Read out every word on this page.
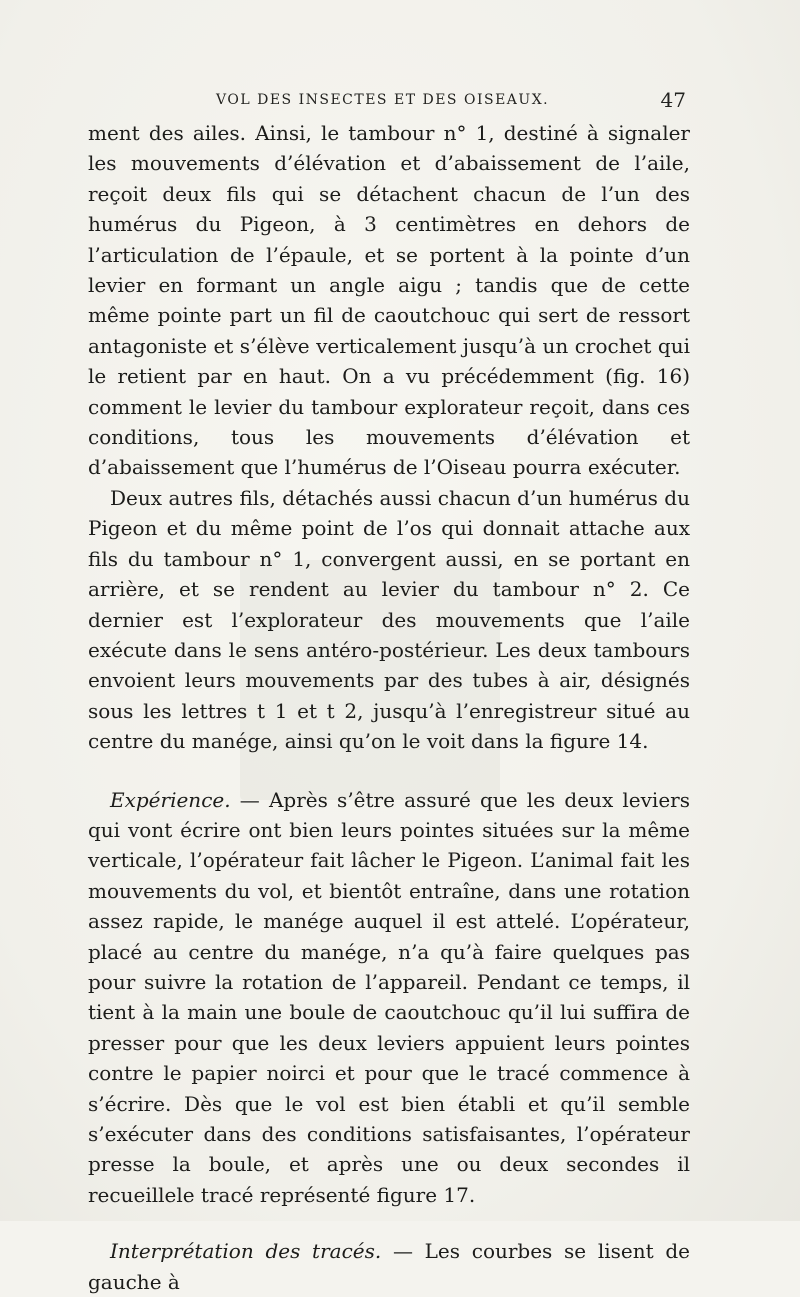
VOL DES INSECTES ET DES OISEAUX.	47

ment des ailes. Ainsi, le tambour n° 1, destiné à signaler les mouvements d’élévation et d’abaissement de l’aile, reçoit deux fils qui se détachent chacun de l’un des humérus du Pigeon, à 3 centimètres en dehors de l’articulation de l’épaule, et se portent à la pointe d’un levier en formant un angle aigu ; tandis que de cette même pointe part un fil de caoutchouc qui sert de ressort antagoniste et s’élève verticalement jusqu’à un crochet qui le retient par en haut. On a vu précédemment (fig. 16) comment le levier du tambour explorateur reçoit, dans ces conditions, tous les mouvements d’élévation et d’abaissement que l’humérus de l’Oiseau pourra exécuter.

Deux autres fils, détachés aussi chacun d’un humérus du Pigeon et du même point de l’os qui donnait attache aux fils du tambour n° 1, convergent aussi, en se portant en arrière, et se rendent au levier du tambour n° 2. Ce dernier est l’explorateur des mouvements que l’aile exécute dans le sens antéro-postérieur. Les deux tambours envoient leurs mouvements par des tubes à air, désignés sous les lettres t 1 et t 2, jusqu’à l’enregistreur situé au centre du manége, ainsi qu’on le voit dans la figure 14.

Expérience. — Après s’être assuré que les deux leviers qui vont écrire ont bien leurs pointes situées sur la même verticale, l’opérateur fait lâcher le Pigeon. L’animal fait les mouvements du vol, et bientôt entraîne, dans une rotation assez rapide, le manége auquel il est attelé. L’opérateur, placé au centre du manége, n’a qu’à faire quelques pas pour suivre la rotation de l’appareil. Pendant ce temps, il tient à la main une boule de caoutchouc qu’il lui suffira de presser pour que les deux leviers appuient leurs pointes contre le papier noirci et pour que le tracé commence à s’écrire. Dès que le vol est bien établi et qu’il semble s’exécuter dans des conditions satisfaisantes, l’opérateur presse la boule, et après une ou deux secondes il recueillele tracé représenté figure 17.

Interprétation des tracés. — Les courbes se lisent de gauche à
